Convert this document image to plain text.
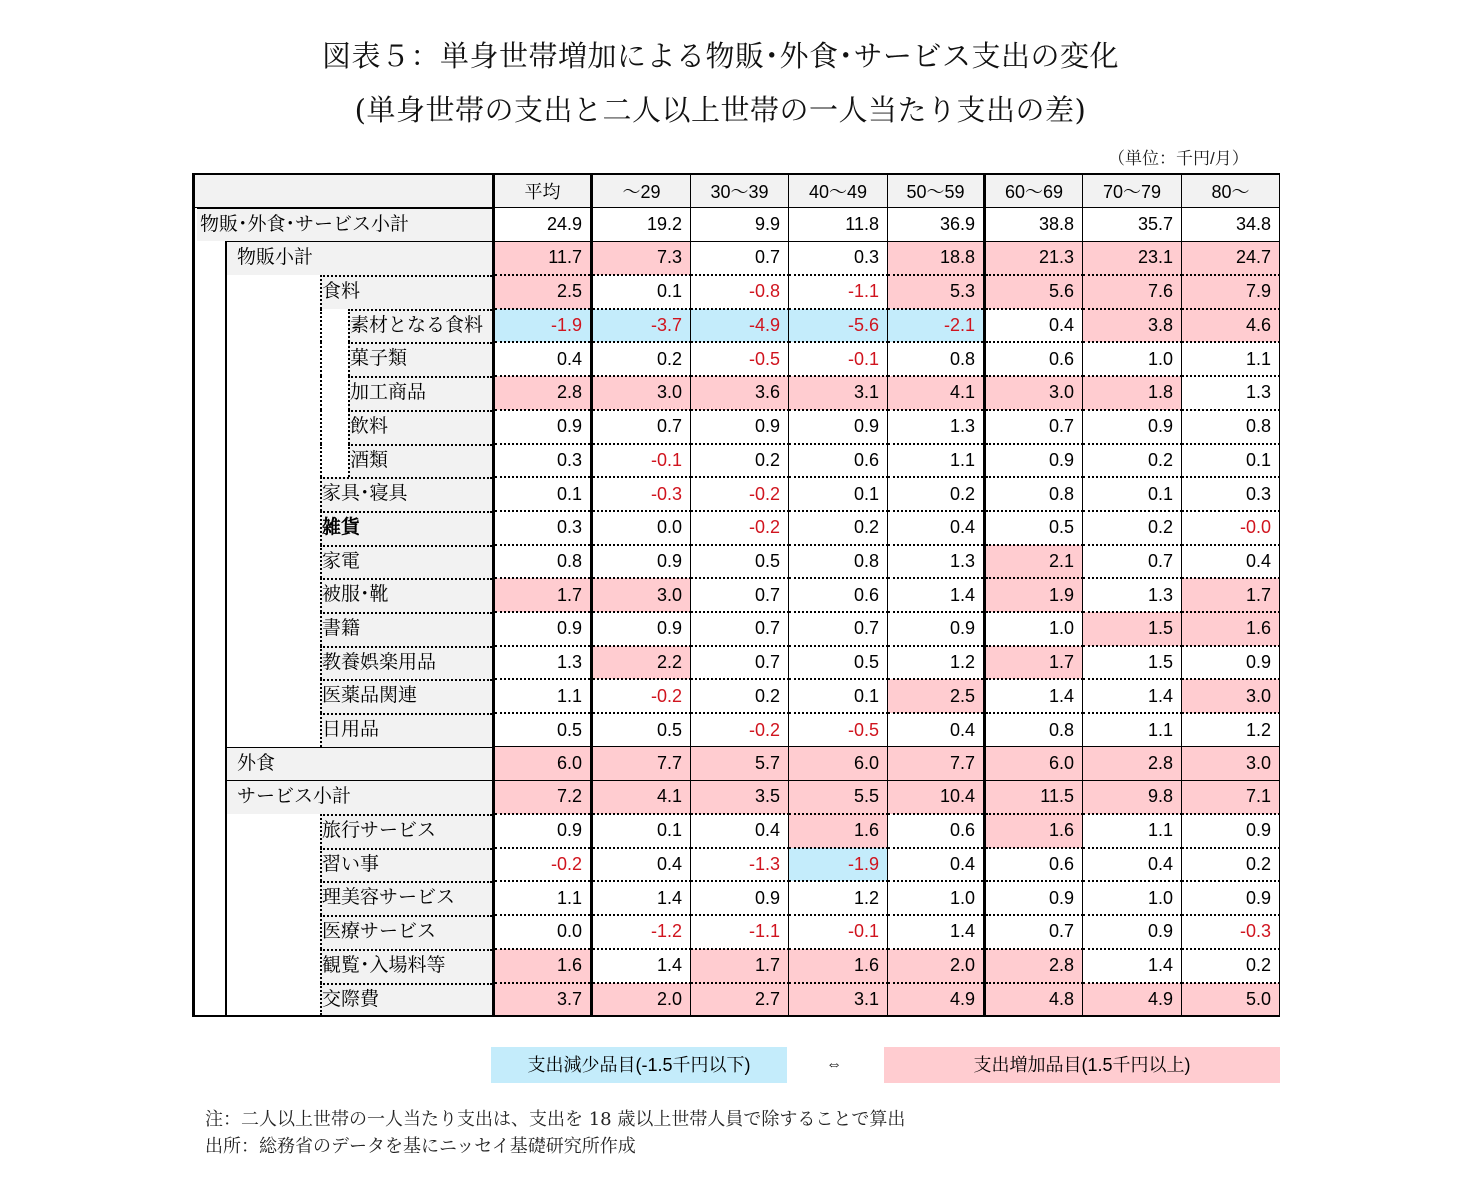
図表５：単身世帯増加による物販･外食･サービス支出の変化
(単身世帯の支出と二人以上世帯の一人当たり支出の差)
（単位：千円/月）
	平均	～29	30～39	40～49	50～59	60～69	70～79	80～

物販･外食･サービス小計	24.9	19.2	9.9	11.8	36.9	38.8	35.7	34.8

物販小計	11.7	7.3	0.7	0.3	18.8	21.3	23.1	24.7

食料	2.5	0.1	-0.8	-1.1	5.3	5.6	7.6	7.9

素材となる食料	-1.9	-3.7	-4.9	-5.6	-2.1	0.4	3.8	4.6

菓子類	0.4	0.2	-0.5	-0.1	0.8	0.6	1.0	1.1

加工商品	2.8	3.0	3.6	3.1	4.1	3.0	1.8	1.3

飲料	0.9	0.7	0.9	0.9	1.3	0.7	0.9	0.8

酒類	0.3	-0.1	0.2	0.6	1.1	0.9	0.2	0.1

家具･寝具	0.1	-0.3	-0.2	0.1	0.2	0.8	0.1	0.3

雑貨	0.3	0.0	-0.2	0.2	0.4	0.5	0.2	-0.0

家電	0.8	0.9	0.5	0.8	1.3	2.1	0.7	0.4

被服･靴	1.7	3.0	0.7	0.6	1.4	1.9	1.3	1.7

書籍	0.9	0.9	0.7	0.7	0.9	1.0	1.5	1.6

教養娯楽用品	1.3	2.2	0.7	0.5	1.2	1.7	1.5	0.9

医薬品関連	1.1	-0.2	0.2	0.1	2.5	1.4	1.4	3.0

日用品	0.5	0.5	-0.2	-0.5	0.4	0.8	1.1	1.2

外食	6.0	7.7	5.7	6.0	7.7	6.0	2.8	3.0

サービス小計	7.2	4.1	3.5	5.5	10.4	11.5	9.8	7.1

旅行サービス	0.9	0.1	0.4	1.6	0.6	1.6	1.1	0.9

習い事	-0.2	0.4	-1.3	-1.9	0.4	0.6	0.4	0.2

理美容サービス	1.1	1.4	0.9	1.2	1.0	0.9	1.0	0.9

医療サービス	0.0	-1.2	-1.1	-0.1	1.4	0.7	0.9	-0.3

観覧･入場料等	1.6	1.4	1.7	1.6	2.0	2.8	1.4	0.2

交際費	3.7	2.0	2.7	3.1	4.9	4.8	4.9	5.0
支出減少品目(-1.5千円以下)	⇔	支出増加品目(1.5千円以上)
注：二人以上世帯の一人当たり支出は、支出を 18 歳以上世帯人員で除することで算出
出所：総務省のデータを基にニッセイ基礎研究所作成
